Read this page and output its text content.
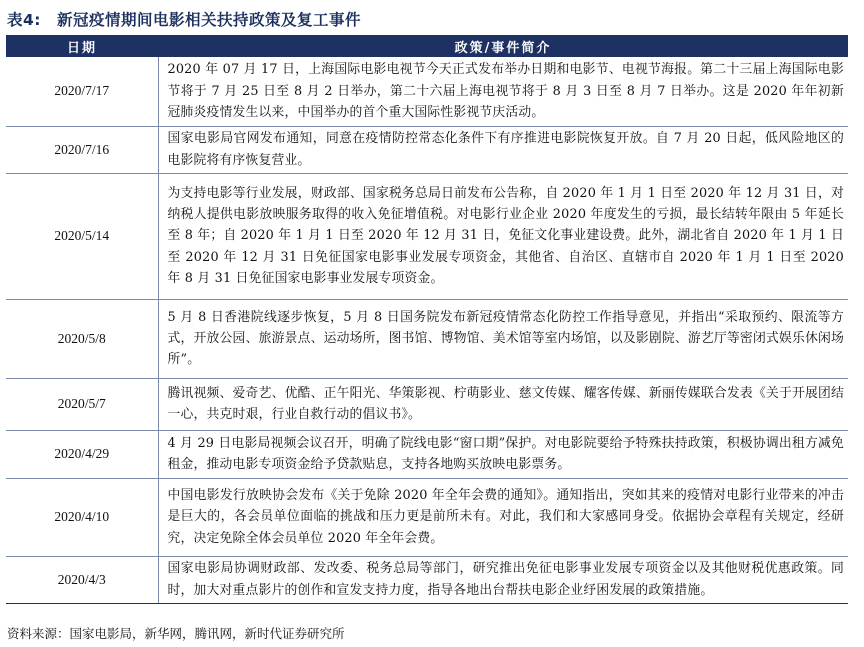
表4: 新冠疫情期间电影相关扶持政策及复工事件
日期	政策/事件简介
2020/7/17	2020 年 07 月 17 日，上海国际电影电视节今天正式发布举办日期和电影节、电视节海报。第二十三届上海国际电影节将于 7 月 25 日至 8 月 2 日举办，第二十六届上海电视节将于 8 月 3 日至 8 月 7 日举办。这是 2020 年年初新冠肺炎疫情发生以来，中国举办的首个重大国际性影视节庆活动。
2020/7/16	国家电影局官网发布通知，同意在疫情防控常态化条件下有序推进电影院恢复开放。自 7 月 20 日起，低风险地区的电影院将有序恢复营业。
2020/5/14	为支持电影等行业发展，财政部、国家税务总局日前发布公告称，自 2020 年 1 月 1 日至 2020 年 12 月 31 日，对纳税人提供电影放映服务取得的收入免征增值税。对电影行业企业 2020 年度发生的亏损，最长结转年限由 5 年延长至 8 年；自 2020 年 1 月 1 日至 2020 年 12 月 31 日，免征文化事业建设费。此外，湖北省自 2020 年 1 月 1 日至 2020 年 12 月 31 日免征国家电影事业发展专项资金，其他省、自治区、直辖市自 2020 年 1 月 1 日至 2020 年 8 月 31 日免征国家电影事业发展专项资金。
2020/5/8	5 月 8 日香港院线逐步恢复，5 月 8 日国务院发布新冠疫情常态化防控工作指导意见，并指出“采取预约、限流等方式，开放公园、旅游景点、运动场所，图书馆、博物馆、美术馆等室内场馆，以及影剧院、游艺厅等密闭式娱乐休闲场所”。
2020/5/7	腾讯视频、爱奇艺、优酷、正午阳光、华策影视、柠萌影业、慈文传媒、耀客传媒、新丽传媒联合发表《关于开展团结一心，共克时艰，行业自救行动的倡议书》。
2020/4/29	4 月 29 日电影局视频会议召开，明确了院线电影“窗口期”保护。对电影院要给予特殊扶持政策，积极协调出租方减免租金，推动电影专项资金给予贷款贴息，支持各地购买放映电影票务。
2020/4/10	中国电影发行放映协会发布《关于免除 2020 年全年会费的通知》。通知指出，突如其来的疫情对电影行业带来的冲击是巨大的，各会员单位面临的挑战和压力更是前所未有。对此，我们和大家感同身受。依据协会章程有关规定，经研究，决定免除全体会员单位 2020 年全年会费。
2020/4/3	国家电影局协调财政部、发改委、税务总局等部门，研究推出免征电影事业发展专项资金以及其他财税优惠政策。同时，加大对重点影片的创作和宣发支持力度，指导各地出台帮扶电影企业纾困发展的政策措施。
资料来源：国家电影局，新华网，腾讯网，新时代证券研究所
